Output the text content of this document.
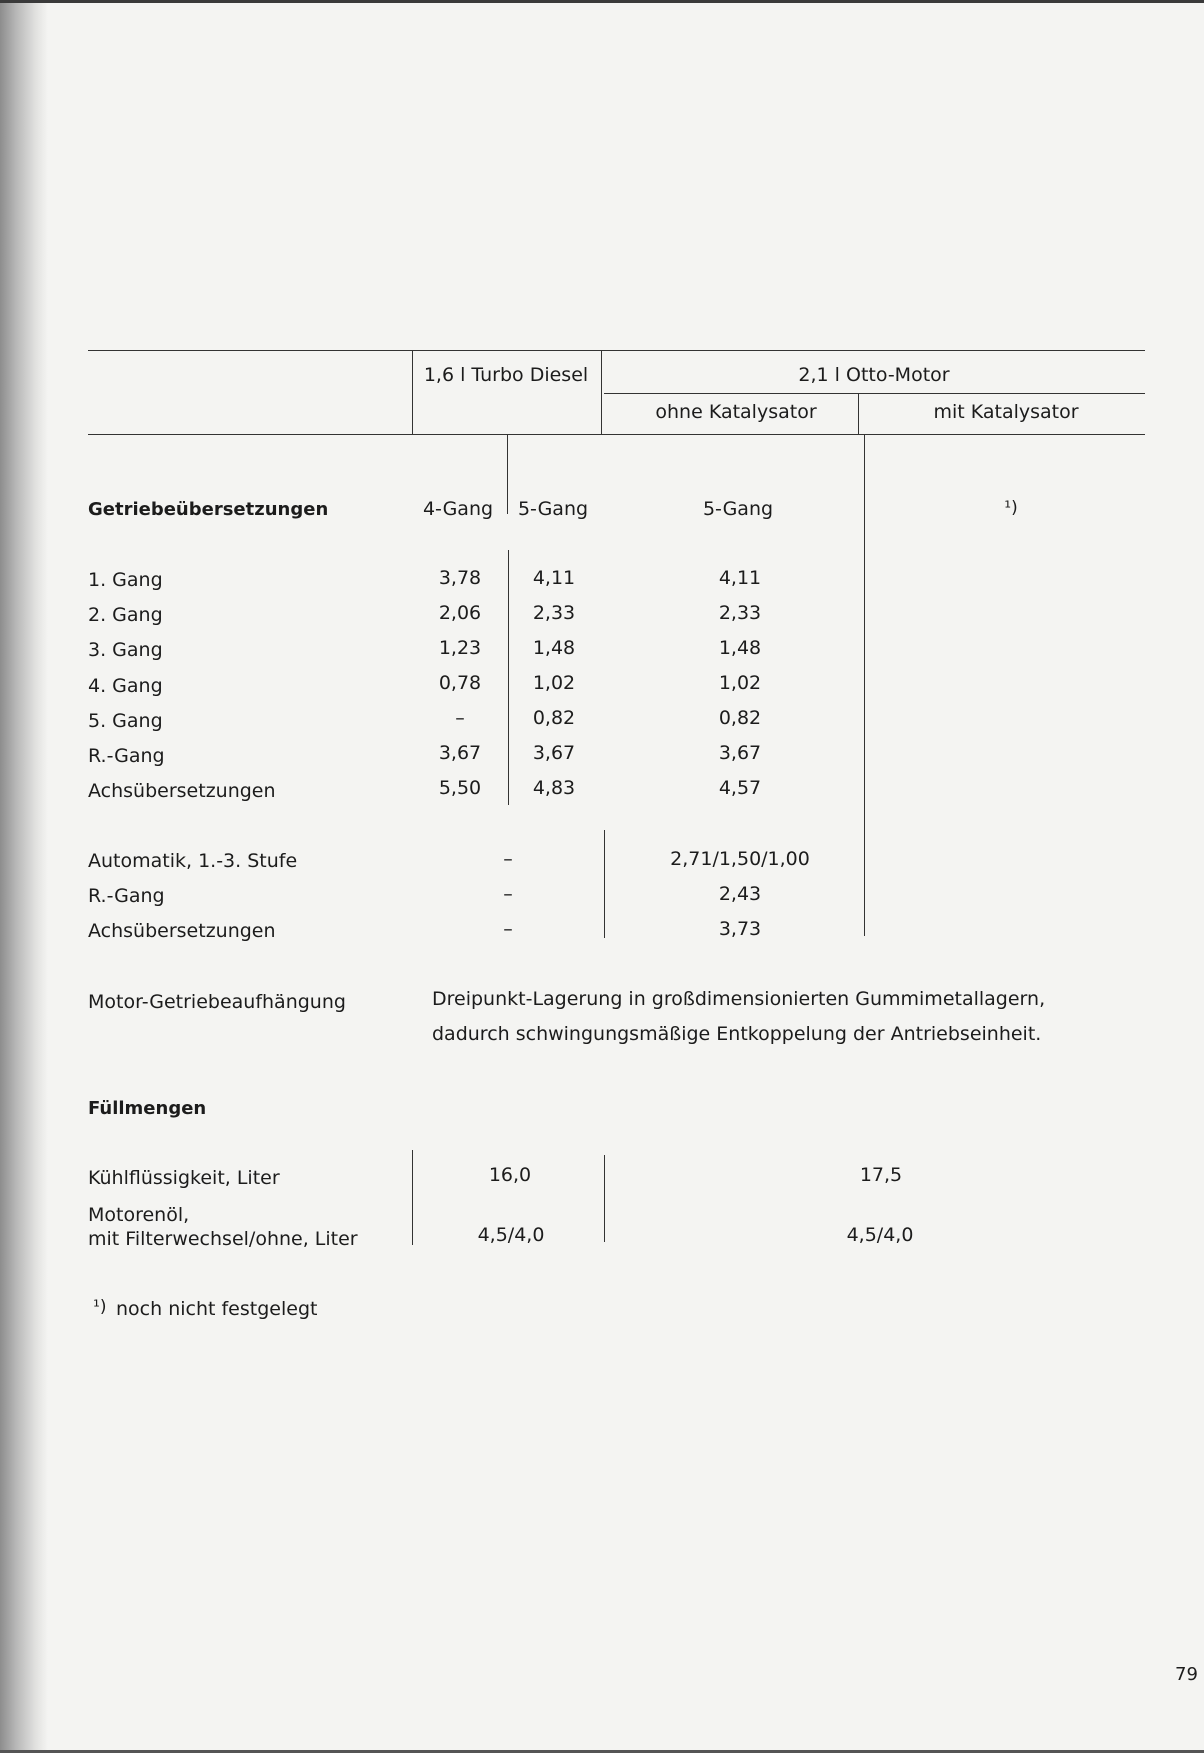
1,6 l Turbo Diesel	2,1 l Otto-Motor
ohne Katalysator	mit Katalysator
Getriebeübersetzungen	4-Gang 5-Gang	5-Gang	¹)
1. Gang	3,78	4,11	4,11
2. Gang	2,06	2,33	2,33
3. Gang	1,23	1,48	1,48
4. Gang	0,78	1,02	1,02
5. Gang	–	0,82	0,82
R.-Gang	3,67	3,67	3,67
Achsübersetzungen	5,50	4,83	4,57
Automatik, 1.-3. Stufe	–	2,71/1,50/1,00
R.-Gang	–	2,43
Achsübersetzungen	–	3,73
Motor-Getriebeaufhängung	Dreipunkt-Lagerung in großdimensionierten Gummimetallagern,
dadurch schwingungsmäßige Entkoppelung der Antriebseinheit.
Füllmengen
Kühlflüssigkeit, Liter	16,0	17,5
Motorenöl,
mit Filterwechsel/ohne, Liter	4,5/4,0	4,5/4,0
¹) noch nicht festgelegt
79
